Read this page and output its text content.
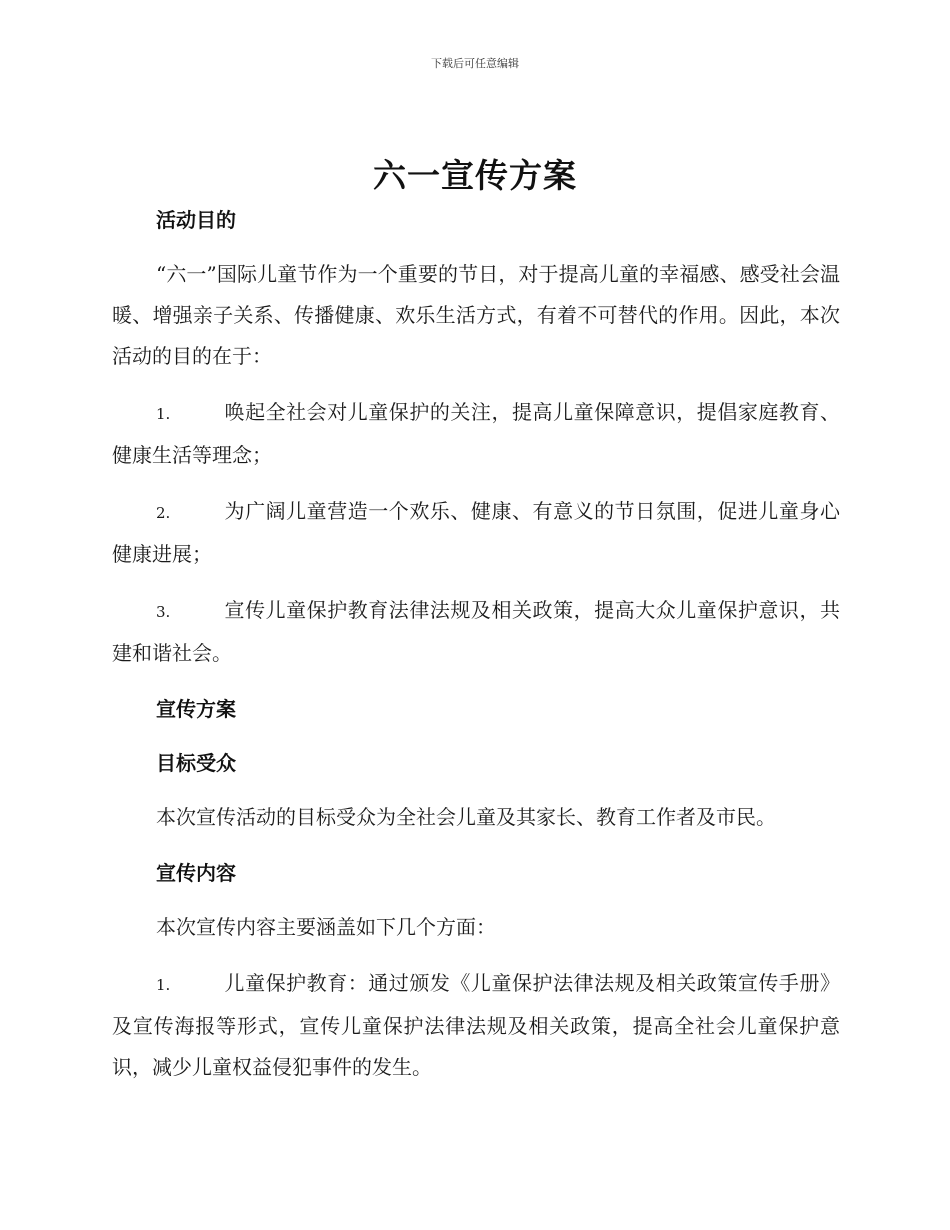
下载后可任意编辑
六一宣传方案
活动目的

“六一”国际儿童节作为一个重要的节日，对于提高儿童的幸福感、感受社会温暖、增强亲子关系、传播健康、欢乐生活方式，有着不可替代的作用。因此，本次活动的目的在于：

1.	唤起全社会对儿童保护的关注，提高儿童保障意识，提倡家庭教育、健康生活等理念；

2.	为广阔儿童营造一个欢乐、健康、有意义的节日氛围，促进儿童身心健康进展；

3.	宣传儿童保护教育法律法规及相关政策，提高大众儿童保护意识，共建和谐社会。

宣传方案
目标受众

本次宣传活动的目标受众为全社会儿童及其家长、教育工作者及市民。

宣传内容

本次宣传内容主要涵盖如下几个方面：

1.	儿童保护教育：通过颁发《儿童保护法律法规及相关政策宣传手册》及宣传海报等形式，宣传儿童保护法律法规及相关政策，提高全社会儿童保护意识，减少儿童权益侵犯事件的发生。
